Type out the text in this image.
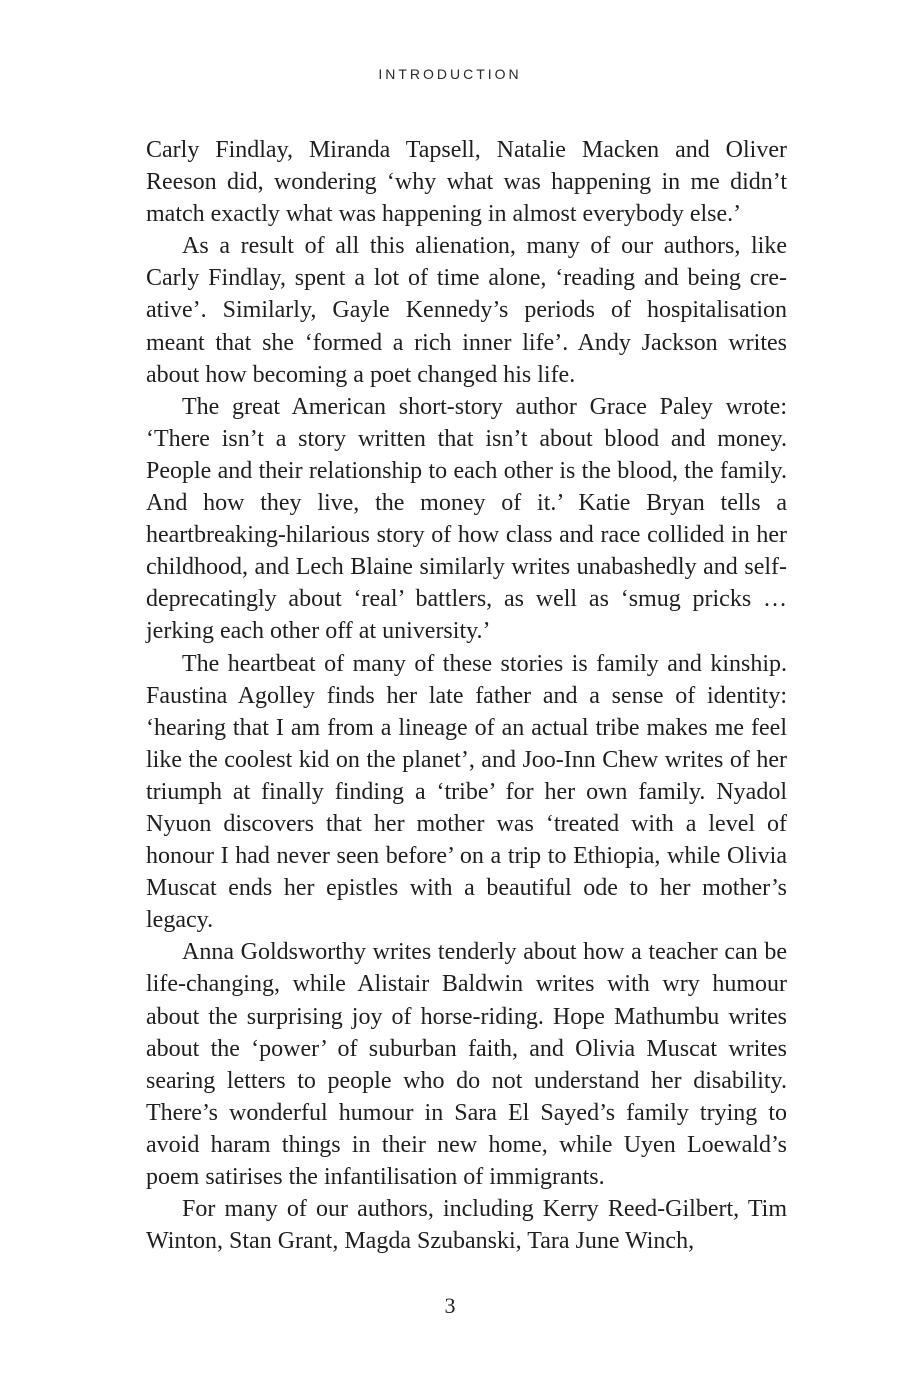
INTRODUCTION

Carly Findlay, Miranda Tapsell, Natalie Macken and Oliver Reeson did, wondering ‘why what was happening in me didn’t match exactly what was happening in almost everybody else.’

As a result of all this alienation, many of our authors, like Carly Findlay, spent a lot of time alone, ‘reading and being creative’. Similarly, Gayle Kennedy’s periods of hospitalisation meant that she ‘formed a rich inner life’. Andy Jackson writes about how becoming a poet changed his life.

The great American short-story author Grace Paley wrote: ‘There isn’t a story written that isn’t about blood and money. People and their relationship to each other is the blood, the family. And how they live, the money of it.’ Katie Bryan tells a heartbreaking-hilarious story of how class and race collided in her childhood, and Lech Blaine similarly writes unabashedly and self-deprecatingly about ‘real’ battlers, as well as ‘smug pricks … jerking each other off at university.’

The heartbeat of many of these stories is family and kinship. Faustina Agolley finds her late father and a sense of identity: ‘hearing that I am from a lineage of an actual tribe makes me feel like the coolest kid on the planet’, and Joo-Inn Chew writes of her triumph at finally finding a ‘tribe’ for her own family. Nyadol Nyuon discovers that her mother was ‘treated with a level of honour I had never seen before’ on a trip to Ethiopia, while Olivia Muscat ends her epistles with a beautiful ode to her mother’s legacy.

Anna Goldsworthy writes tenderly about how a teacher can be life-changing, while Alistair Baldwin writes with wry humour about the surprising joy of horse-riding. Hope Mathumbu writes about the ‘power’ of suburban faith, and Olivia Muscat writes searing letters to people who do not understand her disability. There’s wonderful humour in Sara El Sayed’s family trying to avoid haram things in their new home, while Uyen Loewald’s poem satirises the infantilisation of immigrants.

For many of our authors, including Kerry Reed-Gilbert, Tim Winton, Stan Grant, Magda Szubanski, Tara June Winch,

3
